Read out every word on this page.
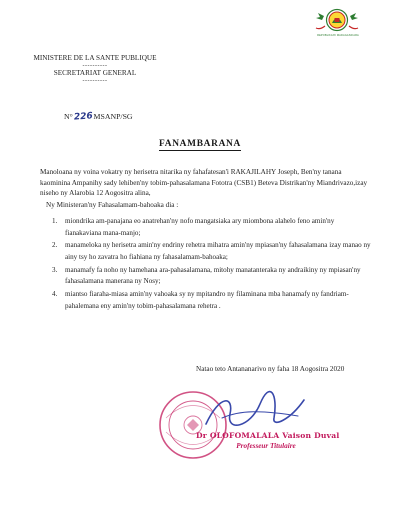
REPOBLIKAN'I MADAGASIKARA
MINISTERE DE LA SANTE PUBLIQUE
----------
SECRETARIAT GENERAL
----------
N°226MSANP/SG
FANAMBARANA
Manoloana ny voina vokatry ny herisetra nitarika ny fahafatesan'i RAKAJILAHY Joseph, Ben'ny tanana kaominina Ampanihy sady lehiben'ny tobim-pahasalamana Fototra (CSB1) Beteva Distrikan'ny Miandrivazo,izay niseho ny Alarobia 12 Aogositra alina,
Ny Ministeran'ny Fahasalamam-bahoaka dia :
1.	miondrika am-panajana eo anatrehan'ny nofo mangatsiaka ary miombona alahelo feno amin'ny fianakaviana mana-manjo;
2.	manameloka ny herisetra amin'ny endriny rehetra mihatra amin'ny mpiasan'ny fahasalamana izay manao ny ainy tsy ho zavatra ho fiahiana ny fahasalamam-bahoaka;
3.	manamafy fa noho ny hamehana ara-pahasalamana, mitohy manatanteraka ny andraikiny ny mpiasan'ny fahasalamana manerana ny Nosy;
4.	miantso fiaraha-miasa amin'ny vahoaka sy ny mpitandro ny filaminana mba hanamafy ny fandriam-pahalemana eny amin'ny tobim-pahasalamana rehetra .
Natao teto Antananarivo ny faha 18 Aogositra 2020
Dr OLOFOMALALA Vaison Duval
Professeur Titulaire
